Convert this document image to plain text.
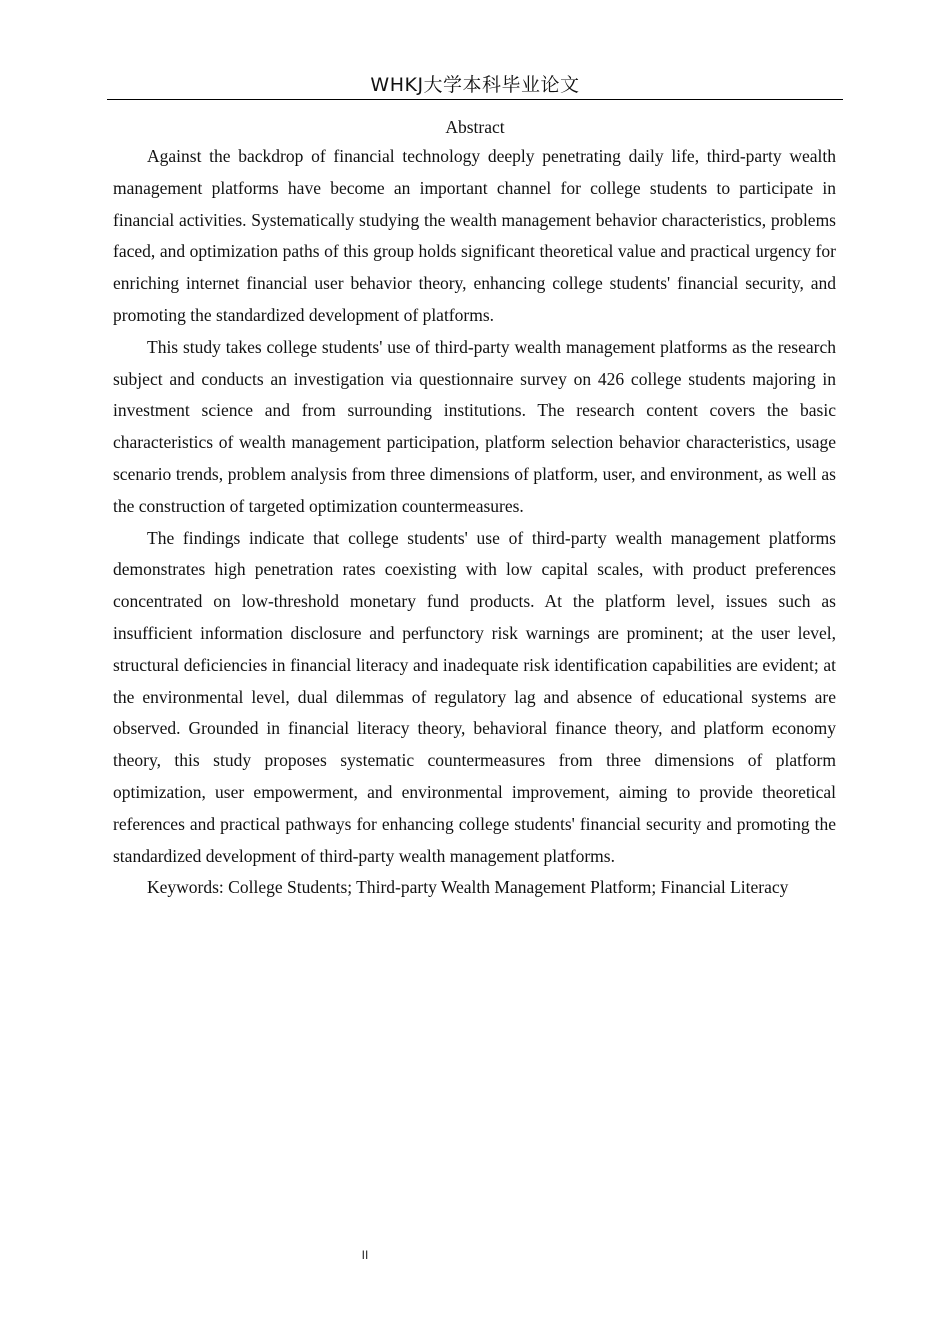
WHKJ大学本科毕业论文
Abstract

Against the backdrop of financial technology deeply penetrating daily life, third-party wealth management platforms have become an important channel for college students to participate in financial activities. Systematically studying the wealth management behavior characteristics, problems faced, and optimization paths of this group holds significant theoretical value and practical urgency for enriching internet financial user behavior theory, enhancing college students' financial security, and promoting the standardized development of platforms.

This study takes college students' use of third-party wealth management platforms as the research subject and conducts an investigation via questionnaire survey on 426 college students majoring in investment science and from surrounding institutions. The research content covers the basic characteristics of wealth management participation, platform selection behavior characteristics, usage scenario trends, problem analysis from three dimensions of platform, user, and environment, as well as the construction of targeted optimization countermeasures.

The findings indicate that college students' use of third-party wealth management platforms demonstrates high penetration rates coexisting with low capital scales, with product preferences concentrated on low-threshold monetary fund products. At the platform level, issues such as insufficient information disclosure and perfunctory risk warnings are prominent; at the user level, structural deficiencies in financial literacy and inadequate risk identification capabilities are evident; at the environmental level, dual dilemmas of regulatory lag and absence of educational systems are observed. Grounded in financial literacy theory, behavioral finance theory, and platform economy theory, this study proposes systematic countermeasures from three dimensions of platform optimization, user empowerment, and environmental improvement, aiming to provide theoretical references and practical pathways for enhancing college students' financial security and promoting the standardized development of third-party wealth management platforms.

Keywords: College Students; Third-party Wealth Management Platform; Financial Literacy

II
